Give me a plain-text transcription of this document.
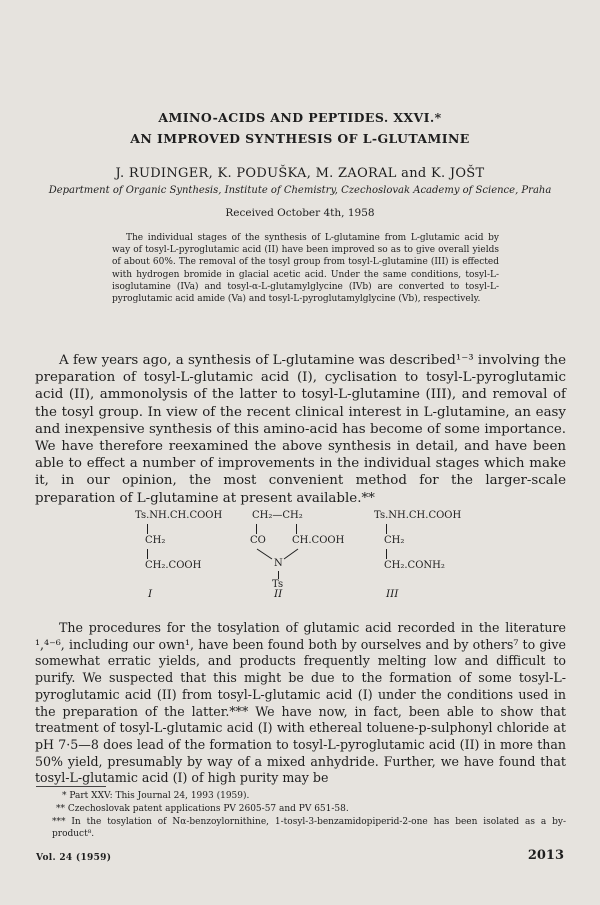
AMINO-ACIDS AND PEPTIDES. XXVI.*
AN IMPROVED SYNTHESIS OF L-GLUTAMINE
J. RUDINGER, K. PODUŠKA, M. ZAORAL and K. JOŠT
Department of Organic Synthesis, Institute of Chemistry, Czechoslovak Academy of Science, Praha
Received October 4th, 1958

The individual stages of the synthesis of L-glutamine from L-glutamic acid by way of tosyl-L-pyroglutamic acid (II) have been improved so as to give overall yields of about 60%. The removal of the tosyl group from tosyl-L-glutamine (III) is effected with hydrogen bromide in glacial acetic acid. Under the same conditions, tosyl-L-isoglutamine (IVa) and tosyl-α-L-glutamylglycine (IVb) are converted to tosyl-L-pyroglutamic acid amide (Va) and tosyl-L-pyroglutamylglycine (Vb), respectively.

A few years ago, a synthesis of L-glutamine was described¹⁻³ involving the preparation of tosyl-L-glutamic acid (I), cyclisation to tosyl-L-pyroglutamic acid (II), ammonolysis of the latter to tosyl-L-glutamine (III), and removal of the tosyl group. In view of the recent clinical interest in L-glutamine, an easy and inexpensive synthesis of this amino-acid has become of some importance. We have therefore reexamined the above synthesis in detail, and have been able to effect a number of improvements in the individual stages which make it, in our opinion, the most convenient method for the larger-scale preparation of L-glutamine at present available.**

Ts.NH.CH.COOH
CH₂
CH₂.COOH
I
CH₂—CH₂
CO	CH.COOH
N
Ts
II
Ts.NH.CH.COOH
CH₂
CH₂.CONH₂
III

The procedures for the tosylation of glutamic acid recorded in the literature ¹,⁴⁻⁶, including our own¹, have been found both by ourselves and by others⁷ to give somewhat erratic yields, and products frequently melting low and difficult to purify. We suspected that this might be due to the formation of some tosyl-L-pyroglutamic acid (II) from tosyl-L-glutamic acid (I) under the conditions used in the preparation of the latter.*** We have now, in fact, been able to show that treatment of tosyl-L-glutamic acid (I) with ethereal toluene-p-sulphonyl chloride at pH 7·5—8 does lead of the formation to tosyl-L-pyroglutamic acid (II) in more than 50% yield, presumably by way of a mixed anhydride. Further, we have found that tosyl-L-glutamic acid (I) of high purity may be

* Part XXV: This Journal 24, 1993 (1959).

** Czechoslovak patent applications PV 2605-57 and PV 651-58.

*** In the tosylation of Nα-benzoylornithine, 1-tosyl-3-benzamidopiperid-2-one has been isolated as a by-product⁸.

Vol. 24 (1959)	2013
